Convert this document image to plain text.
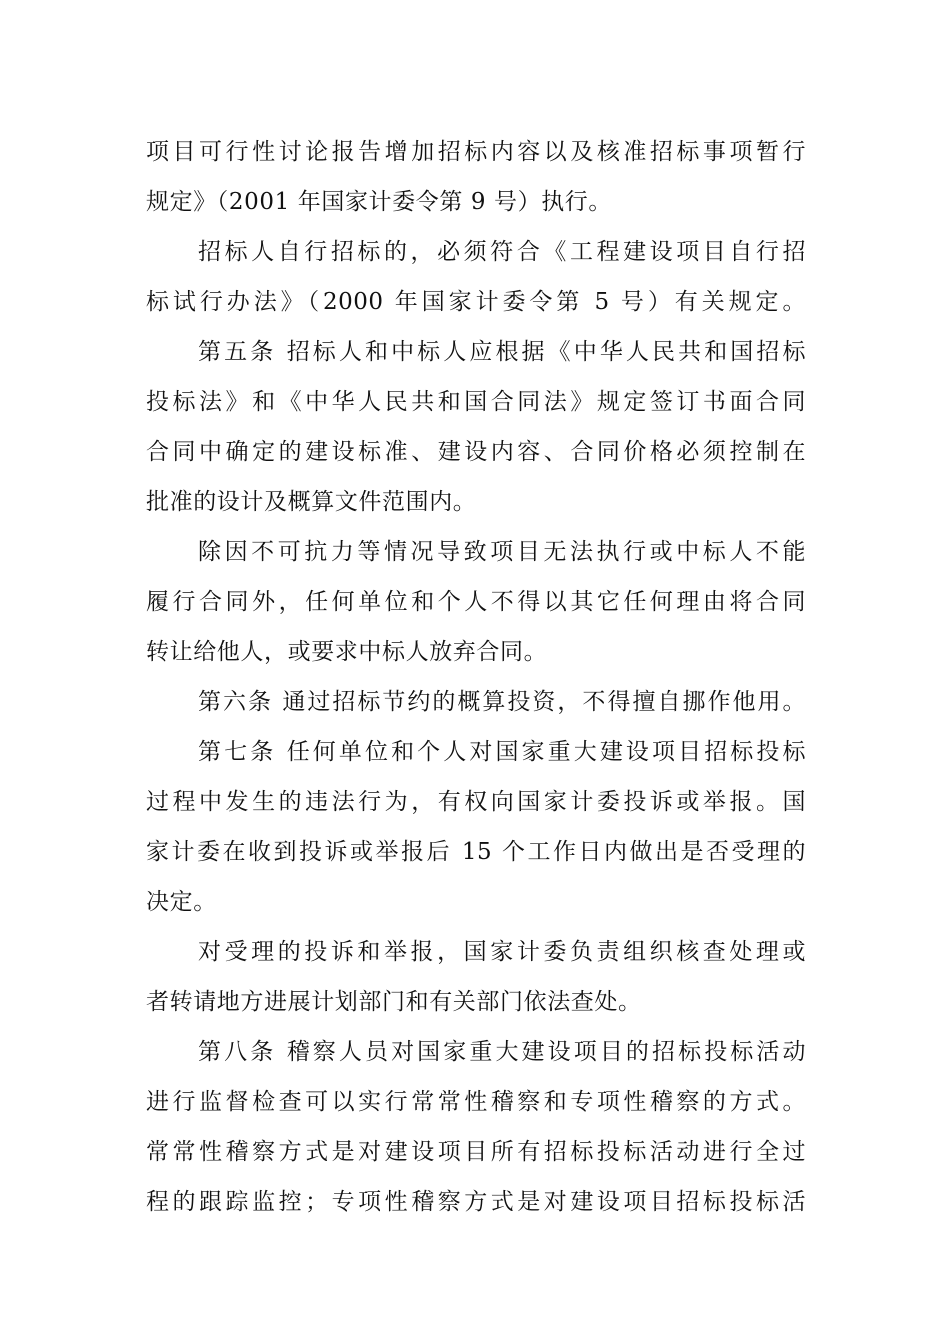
项目可行性讨论报告增加招标内容以及核准招标事项暂行
规定》（2001 年国家计委令第 9 号）执行。
招标人自行招标的，必须符合《工程建设项目自行招
标试行办法》（2000 年国家计委令第 5 号）有关规定。
第五条 招标人和中标人应根据《中华人民共和国招标
投标法》和《中华人民共和国合同法》规定签订书面合同
合同中确定的建设标准、建设内容、合同价格必须控制在
批准的设计及概算文件范围内。
除因不可抗力等情况导致项目无法执行或中标人不能
履行合同外，任何单位和个人不得以其它任何理由将合同
转让给他人，或要求中标人放弃合同。
第六条 通过招标节约的概算投资，不得擅自挪作他用。
第七条 任何单位和个人对国家重大建设项目招标投标
过程中发生的违法行为，有权向国家计委投诉或举报。国
家计委在收到投诉或举报后 15 个工作日内做出是否受理的
决定。
对受理的投诉和举报，国家计委负责组织核查处理或
者转请地方进展计划部门和有关部门依法查处。
第八条 稽察人员对国家重大建设项目的招标投标活动
进行监督检查可以实行常常性稽察和专项性稽察的方式。
常常性稽察方式是对建设项目所有招标投标活动进行全过
程的跟踪监控；专项性稽察方式是对建设项目招标投标活
